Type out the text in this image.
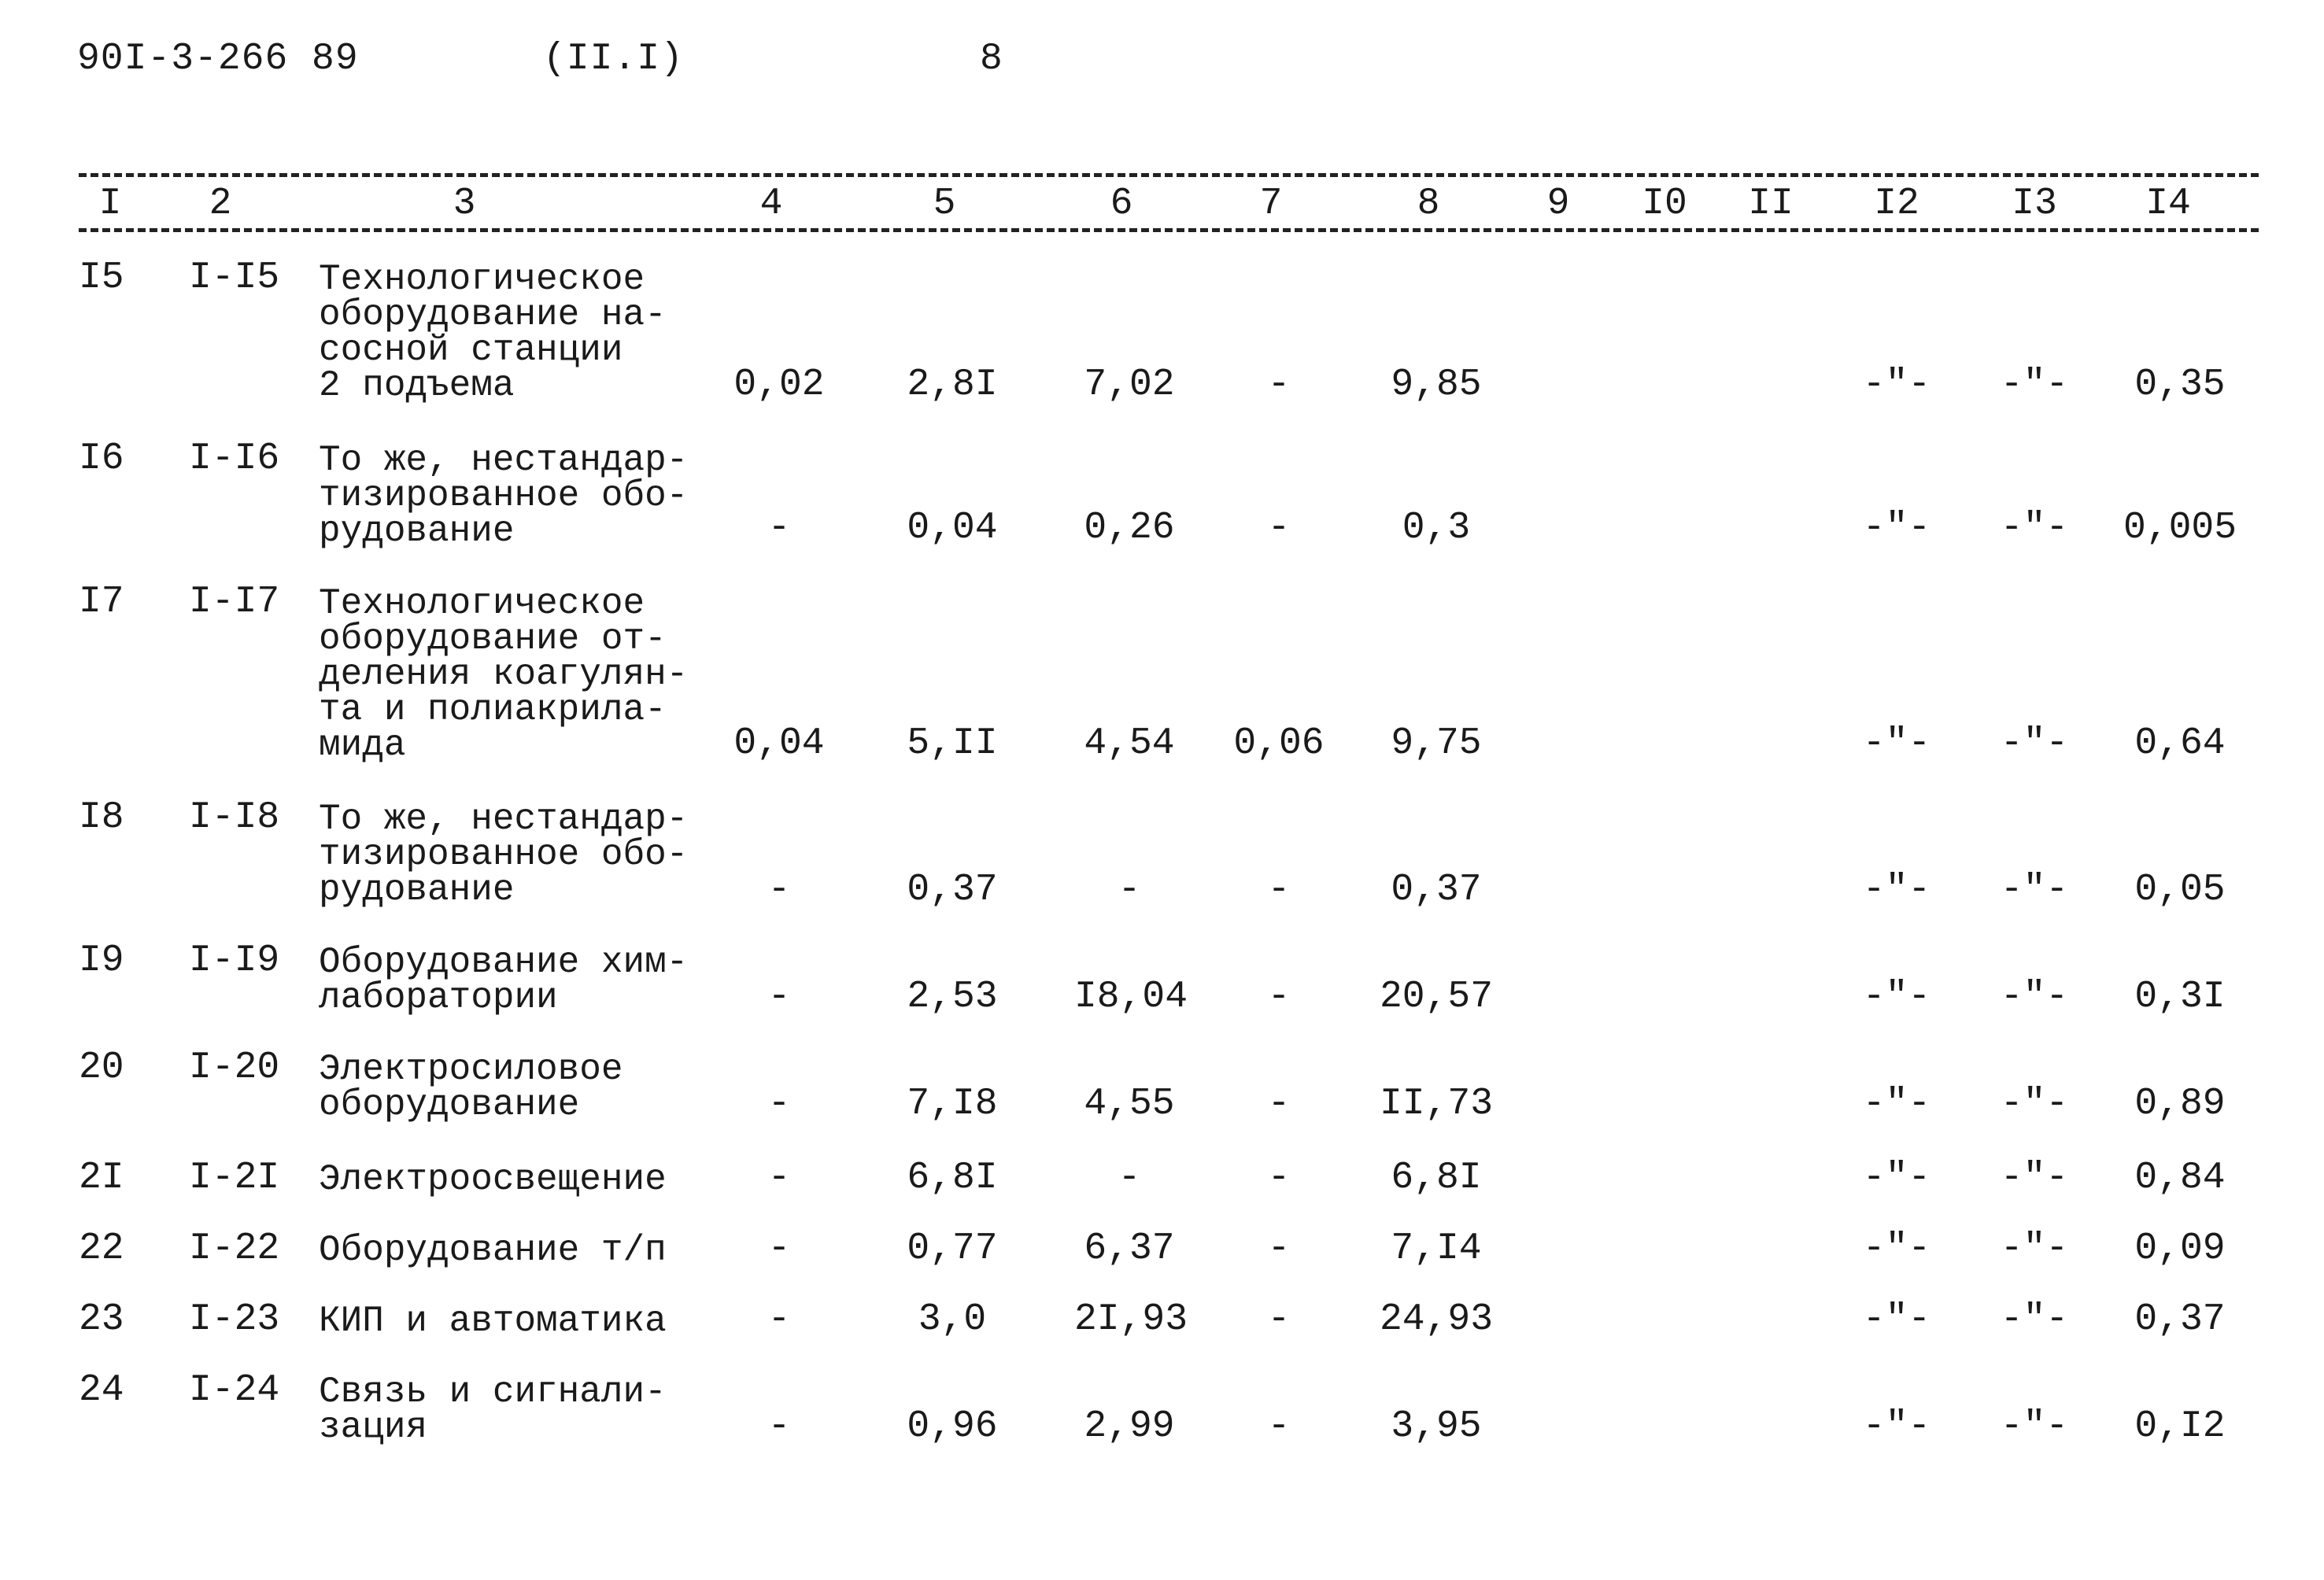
90I-3-266 89	(II.I)	8
I	2	3	4	5	6	7	8	9	I0 II I2 I3 I4
I5 I-I5 Технологическое
оборудование на-
сосной станции
2 подъема	0,02 2,8I 7,02	-	9,85	-"-	-"-	0,35
I6 I-I6 То же, нестандар-
тизированное обо-
рудование	-	0,04 0,26	-	0,3	-"-	-"-	0,005
I7 I-I7 Технологическое
оборудование от-
деления коагулян-
та и полиакрила-
мида	0,04 5,II 4,54 0,06	9,75	-"-	-"-	0,64
I8 I-I8 То же, нестандар-
тизированное обо-
рудование	-	0,37	-	-	0,37	-"-	-"-	0,05
I9 I-I9 Оборудование хим-
лаборатории	-	2,53 I8,04	-	20,57	-"-	-"-	0,3I
20 I-20 Электросиловое
оборудование	-	7,I8 4,55	-	II,73	-"-	-"-	0,89
2I I-2I Электроосвещение	-	6,8I	-	-	6,8I	-"-	-"-	0,84
22 I-22 Оборудование т/п	-	0,77 6,37	-	7,I4	-"-	-"-	0,09
23 I-23 КИП и автоматика	-	3,0	2I,93	-	24,93	-"-	-"-	0,37
24 I-24 Связь и сигнали-
зация	-	0,96 2,99	-	3,95	-"-	-"-	0,I2
